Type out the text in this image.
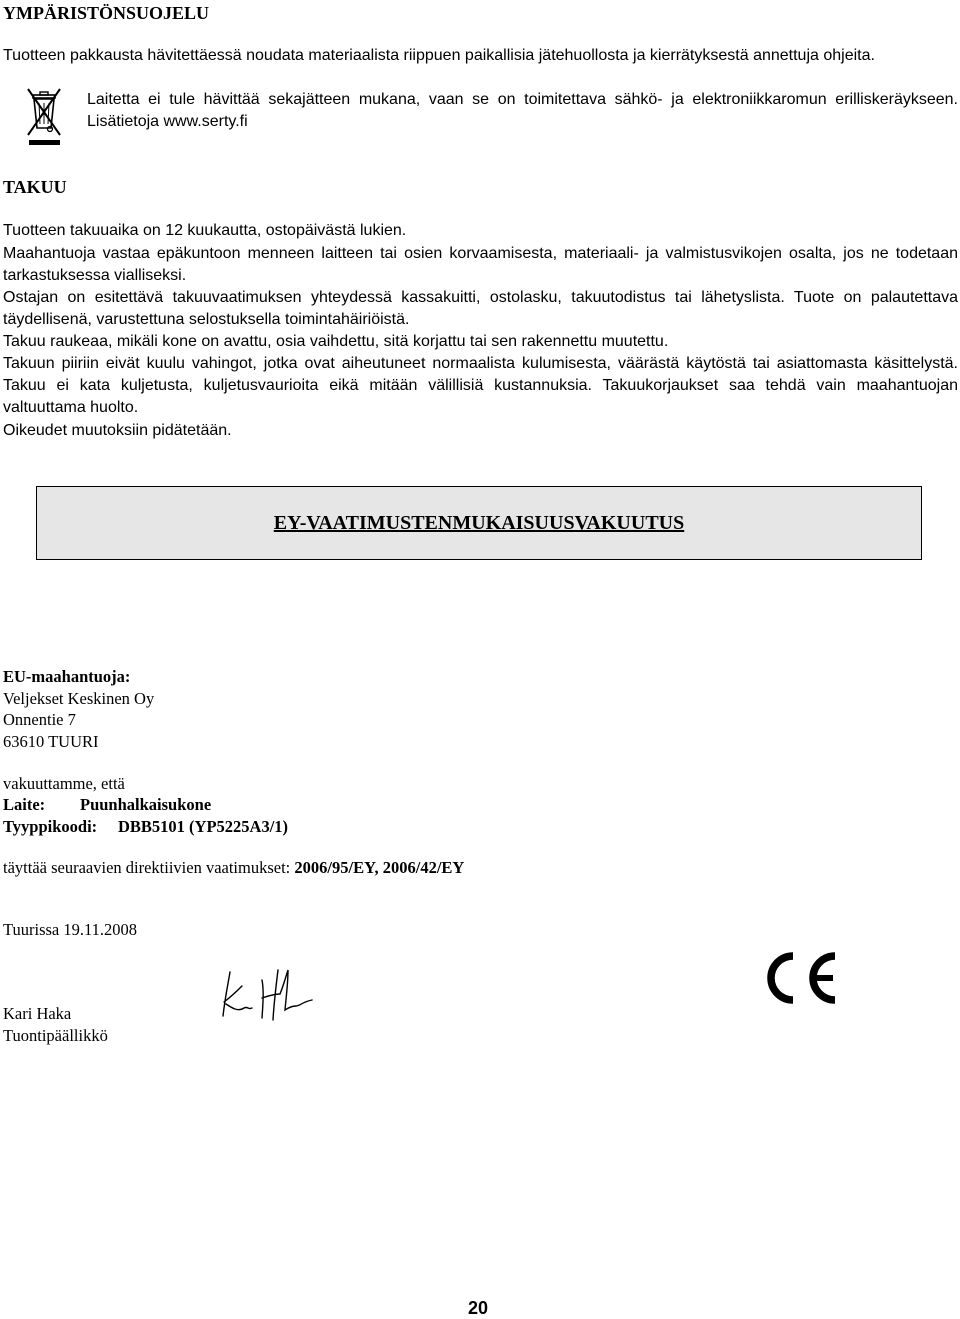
YMPÄRISTÖNSUOJELU
Tuotteen pakkausta hävitettäessä noudata materiaalista riippuen paikallisia jätehuollosta ja kierrätyksestä annettuja ohjeita.
Laitetta ei tule hävittää sekajätteen mukana, vaan se on toimitettava sähkö- ja elektroniikkaromun erilliskeräykseen. Lisätietoja www.serty.fi
TAKUU
Tuotteen takuuaika on 12 kuukautta, ostopäivästä lukien.
Maahantuoja vastaa epäkuntoon menneen laitteen tai osien korvaamisesta, materiaali- ja valmistusvikojen osalta, jos ne todetaan tarkastuksessa vialliseksi.
Ostajan on esitettävä takuuvaatimuksen yhteydessä kassakuitti, ostolasku, takuutodistus tai lähetyslista. Tuote on palautettava täydellisenä, varustettuna selostuksella toimintahäiriöistä.
Takuu raukeaa, mikäli kone on avattu, osia vaihdettu, sitä korjattu tai sen rakennettu muutettu.
Takuun piiriin eivät kuulu vahingot, jotka ovat aiheutuneet normaalista kulumisesta, väärästä käytöstä tai asiattomasta käsittelystä. Takuu ei kata kuljetusta, kuljetusvaurioita eikä mitään välillisiä kustannuksia. Takuukorjaukset saa tehdä vain maahantuojan valtuuttama huolto.
Oikeudet muutoksiin pidätetään.
EY-VAATIMUSTENMUKAISUUSVAKUUTUS
EU-maahantuoja:
Veljekset Keskinen Oy
Onnentie 7
63610 TUURI
vakuuttamme, että
Laite: Puunhalkaisukone
Tyyppikoodi: DBB5101 (YP5225A3/1)
täyttää seuraavien direktiivien vaatimukset: 2006/95/EY, 2006/42/EY
Tuurissa 19.11.2008
Kari Haka
Tuontipäällikkö
20
